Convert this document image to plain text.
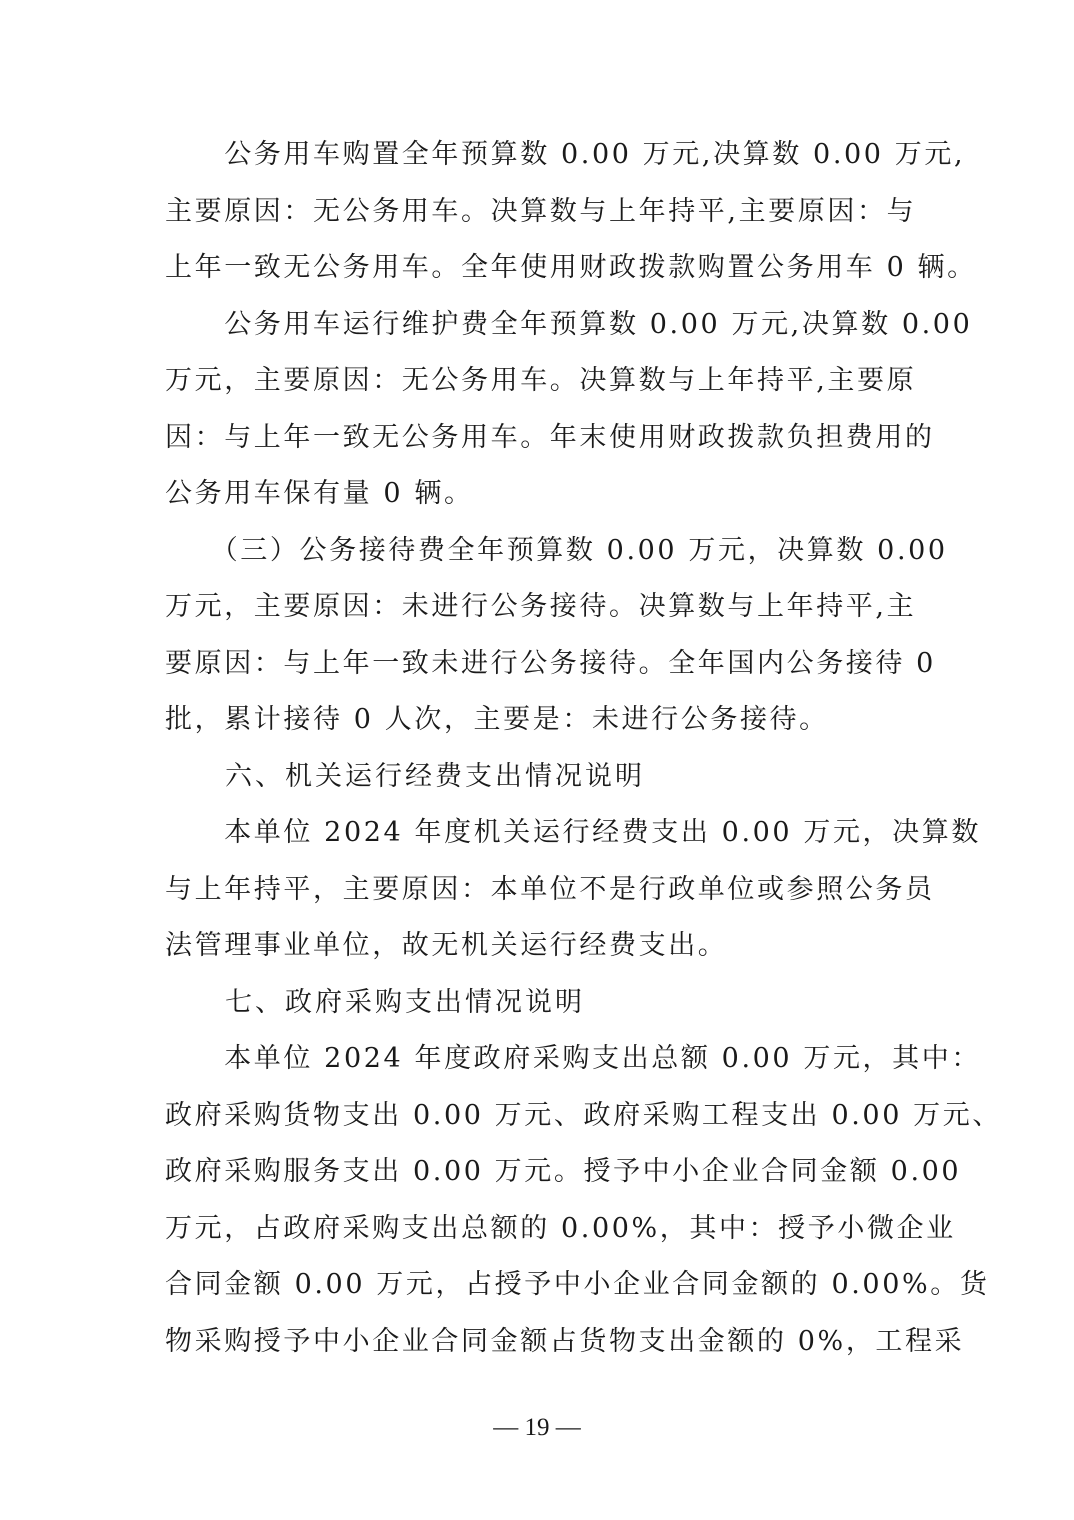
　　公务用车购置全年预算数 0.00 万元,决算数 0.00 万元,
主要原因：无公务用车。决算数与上年持平,主要原因：与
上年一致无公务用车。全年使用财政拨款购置公务用车 0 辆。
　　公务用车运行维护费全年预算数 0.00 万元,决算数 0.00
万元，主要原因：无公务用车。决算数与上年持平,主要原
因：与上年一致无公务用车。年末使用财政拨款负担费用的
公务用车保有量 0 辆。
　　（三）公务接待费全年预算数 0.00 万元，决算数 0.00
万元，主要原因：未进行公务接待。决算数与上年持平,主
要原因：与上年一致未进行公务接待。全年国内公务接待 0
批，累计接待 0 人次，主要是：未进行公务接待。
　　六、机关运行经费支出情况说明
　　本单位 2024 年度机关运行经费支出 0.00 万元，决算数
与上年持平，主要原因：本单位不是行政单位或参照公务员
法管理事业单位，故无机关运行经费支出。
　　七、政府采购支出情况说明
　　本单位 2024 年度政府采购支出总额 0.00 万元，其中：
政府采购货物支出 0.00 万元、政府采购工程支出 0.00 万元、
政府采购服务支出 0.00 万元。授予中小企业合同金额 0.00
万元，占政府采购支出总额的 0.00%，其中：授予小微企业
合同金额 0.00 万元，占授予中小企业合同金额的 0.00%。货
物采购授予中小企业合同金额占货物支出金额的 0%，工程采
— 19 —
